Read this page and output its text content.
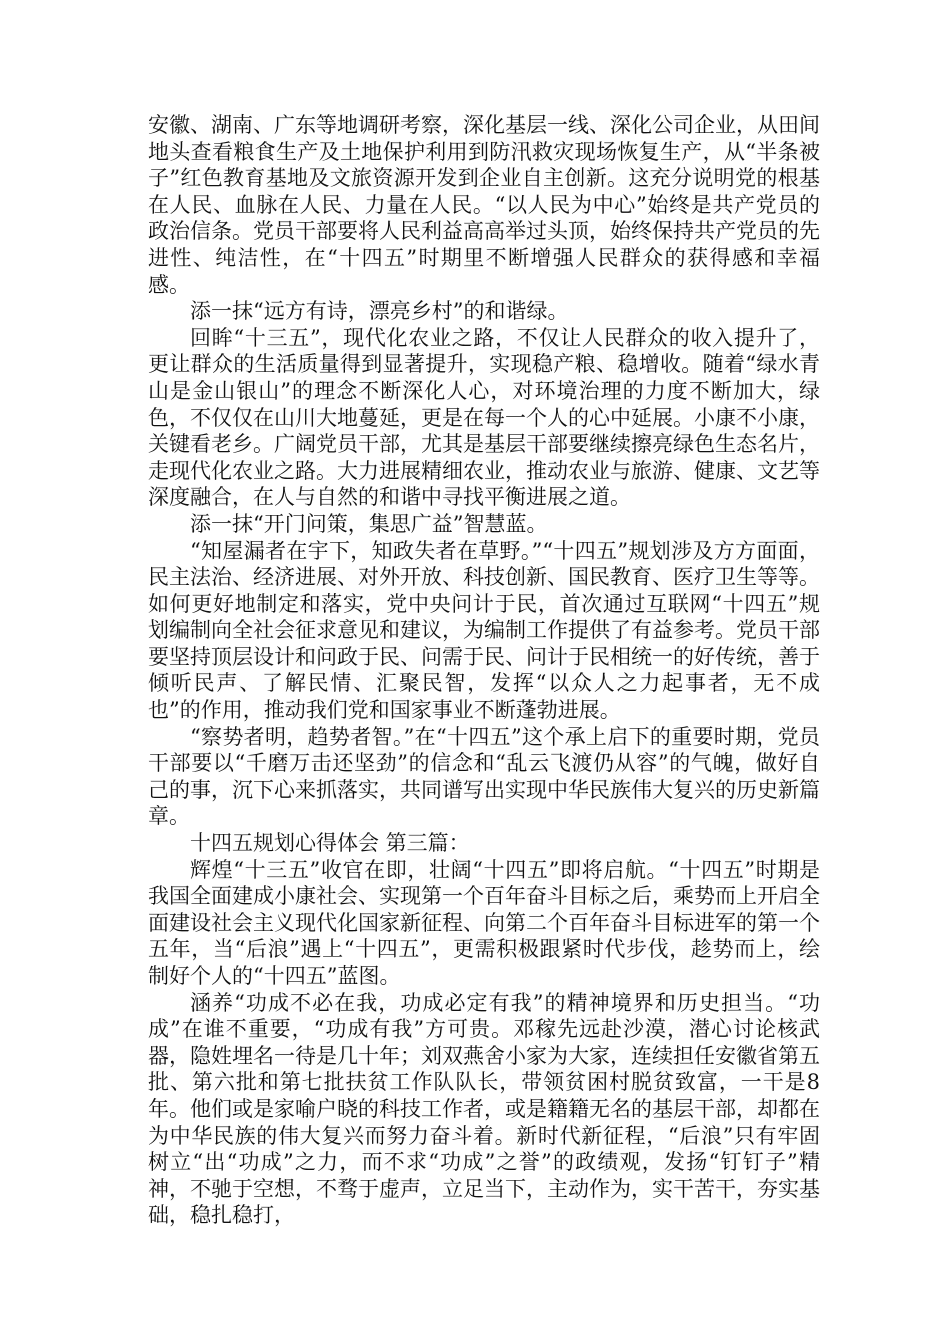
安徽、湖南、广东等地调研考察，深化基层一线、深化公司企业，从田间地头查看粮食生产及土地保护利用到防汛救灾现场恢复生产，从“半条被子”红色教育基地及文旅资源开发到企业自主创新。这充分说明党的根基在人民、血脉在人民、力量在人民。“以人民为中心”始终是共产党员的政治信条。党员干部要将人民利益高高举过头顶，始终保持共产党员的先进性、纯洁性，在“十四五”时期里不断增强人民群众的获得感和幸福感。

添一抹“远方有诗，漂亮乡村”的和谐绿。

回眸“十三五”，现代化农业之路，不仅让人民群众的收入提升了，更让群众的生活质量得到显著提升，实现稳产粮、稳增收。随着“绿水青山是金山银山”的理念不断深化人心，对环境治理的力度不断加大，绿色，不仅仅在山川大地蔓延，更是在每一个人的心中延展。小康不小康，关键看老乡。广阔党员干部，尤其是基层干部要继续擦亮绿色生态名片，走现代化农业之路。大力进展精细农业，推动农业与旅游、健康、文艺等深度融合，在人与自然的和谐中寻找平衡进展之道。

添一抹“开门问策，集思广益”智慧蓝。

“知屋漏者在宇下，知政失者在草野。”“十四五”规划涉及方方面面，民主法治、经济进展、对外开放、科技创新、国民教育、医疗卫生等等。如何更好地制定和落实，党中央问计于民，首次通过互联网“十四五”规划编制向全社会征求意见和建议，为编制工作提供了有益参考。党员干部要坚持顶层设计和问政于民、问需于民、问计于民相统一的好传统，善于倾听民声、了解民情、汇聚民智，发挥“以众人之力起事者，无不成也”的作用，推动我们党和国家事业不断蓬勃进展。

“察势者明，趋势者智。”在“十四五”这个承上启下的重要时期，党员干部要以“千磨万击还坚劲”的信念和“乱云飞渡仍从容”的气魄，做好自己的事，沉下心来抓落实，共同谱写出实现中华民族伟大复兴的历史新篇章。

十四五规划心得体会 第三篇：

辉煌“十三五”收官在即，壮阔“十四五”即将启航。“十四五”时期是我国全面建成小康社会、实现第一个百年奋斗目标之后，乘势而上开启全面建设社会主义现代化国家新征程、向第二个百年奋斗目标进军的第一个五年，当“后浪”遇上“十四五”，更需积极跟紧时代步伐，趁势而上，绘制好个人的“十四五”蓝图。

涵养“功成不必在我，功成必定有我”的精神境界和历史担当。“功成”在谁不重要，“功成有我”方可贵。邓稼先远赴沙漠，潜心讨论核武器，隐姓埋名一待是几十年；刘双燕舍小家为大家，连续担任安徽省第五批、第六批和第七批扶贫工作队队长，带领贫困村脱贫致富，一干是8年。他们或是家喻户晓的科技工作者，或是籍籍无名的基层干部，却都在为中华民族的伟大复兴而努力奋斗着。新时代新征程，“后浪”只有牢固树立“出“功成”之力，而不求“功成”之誉”的政绩观，发扬“钉钉子”精神，不驰于空想，不骛于虚声，立足当下，主动作为，实干苦干，夯实基础，稳扎稳打，
